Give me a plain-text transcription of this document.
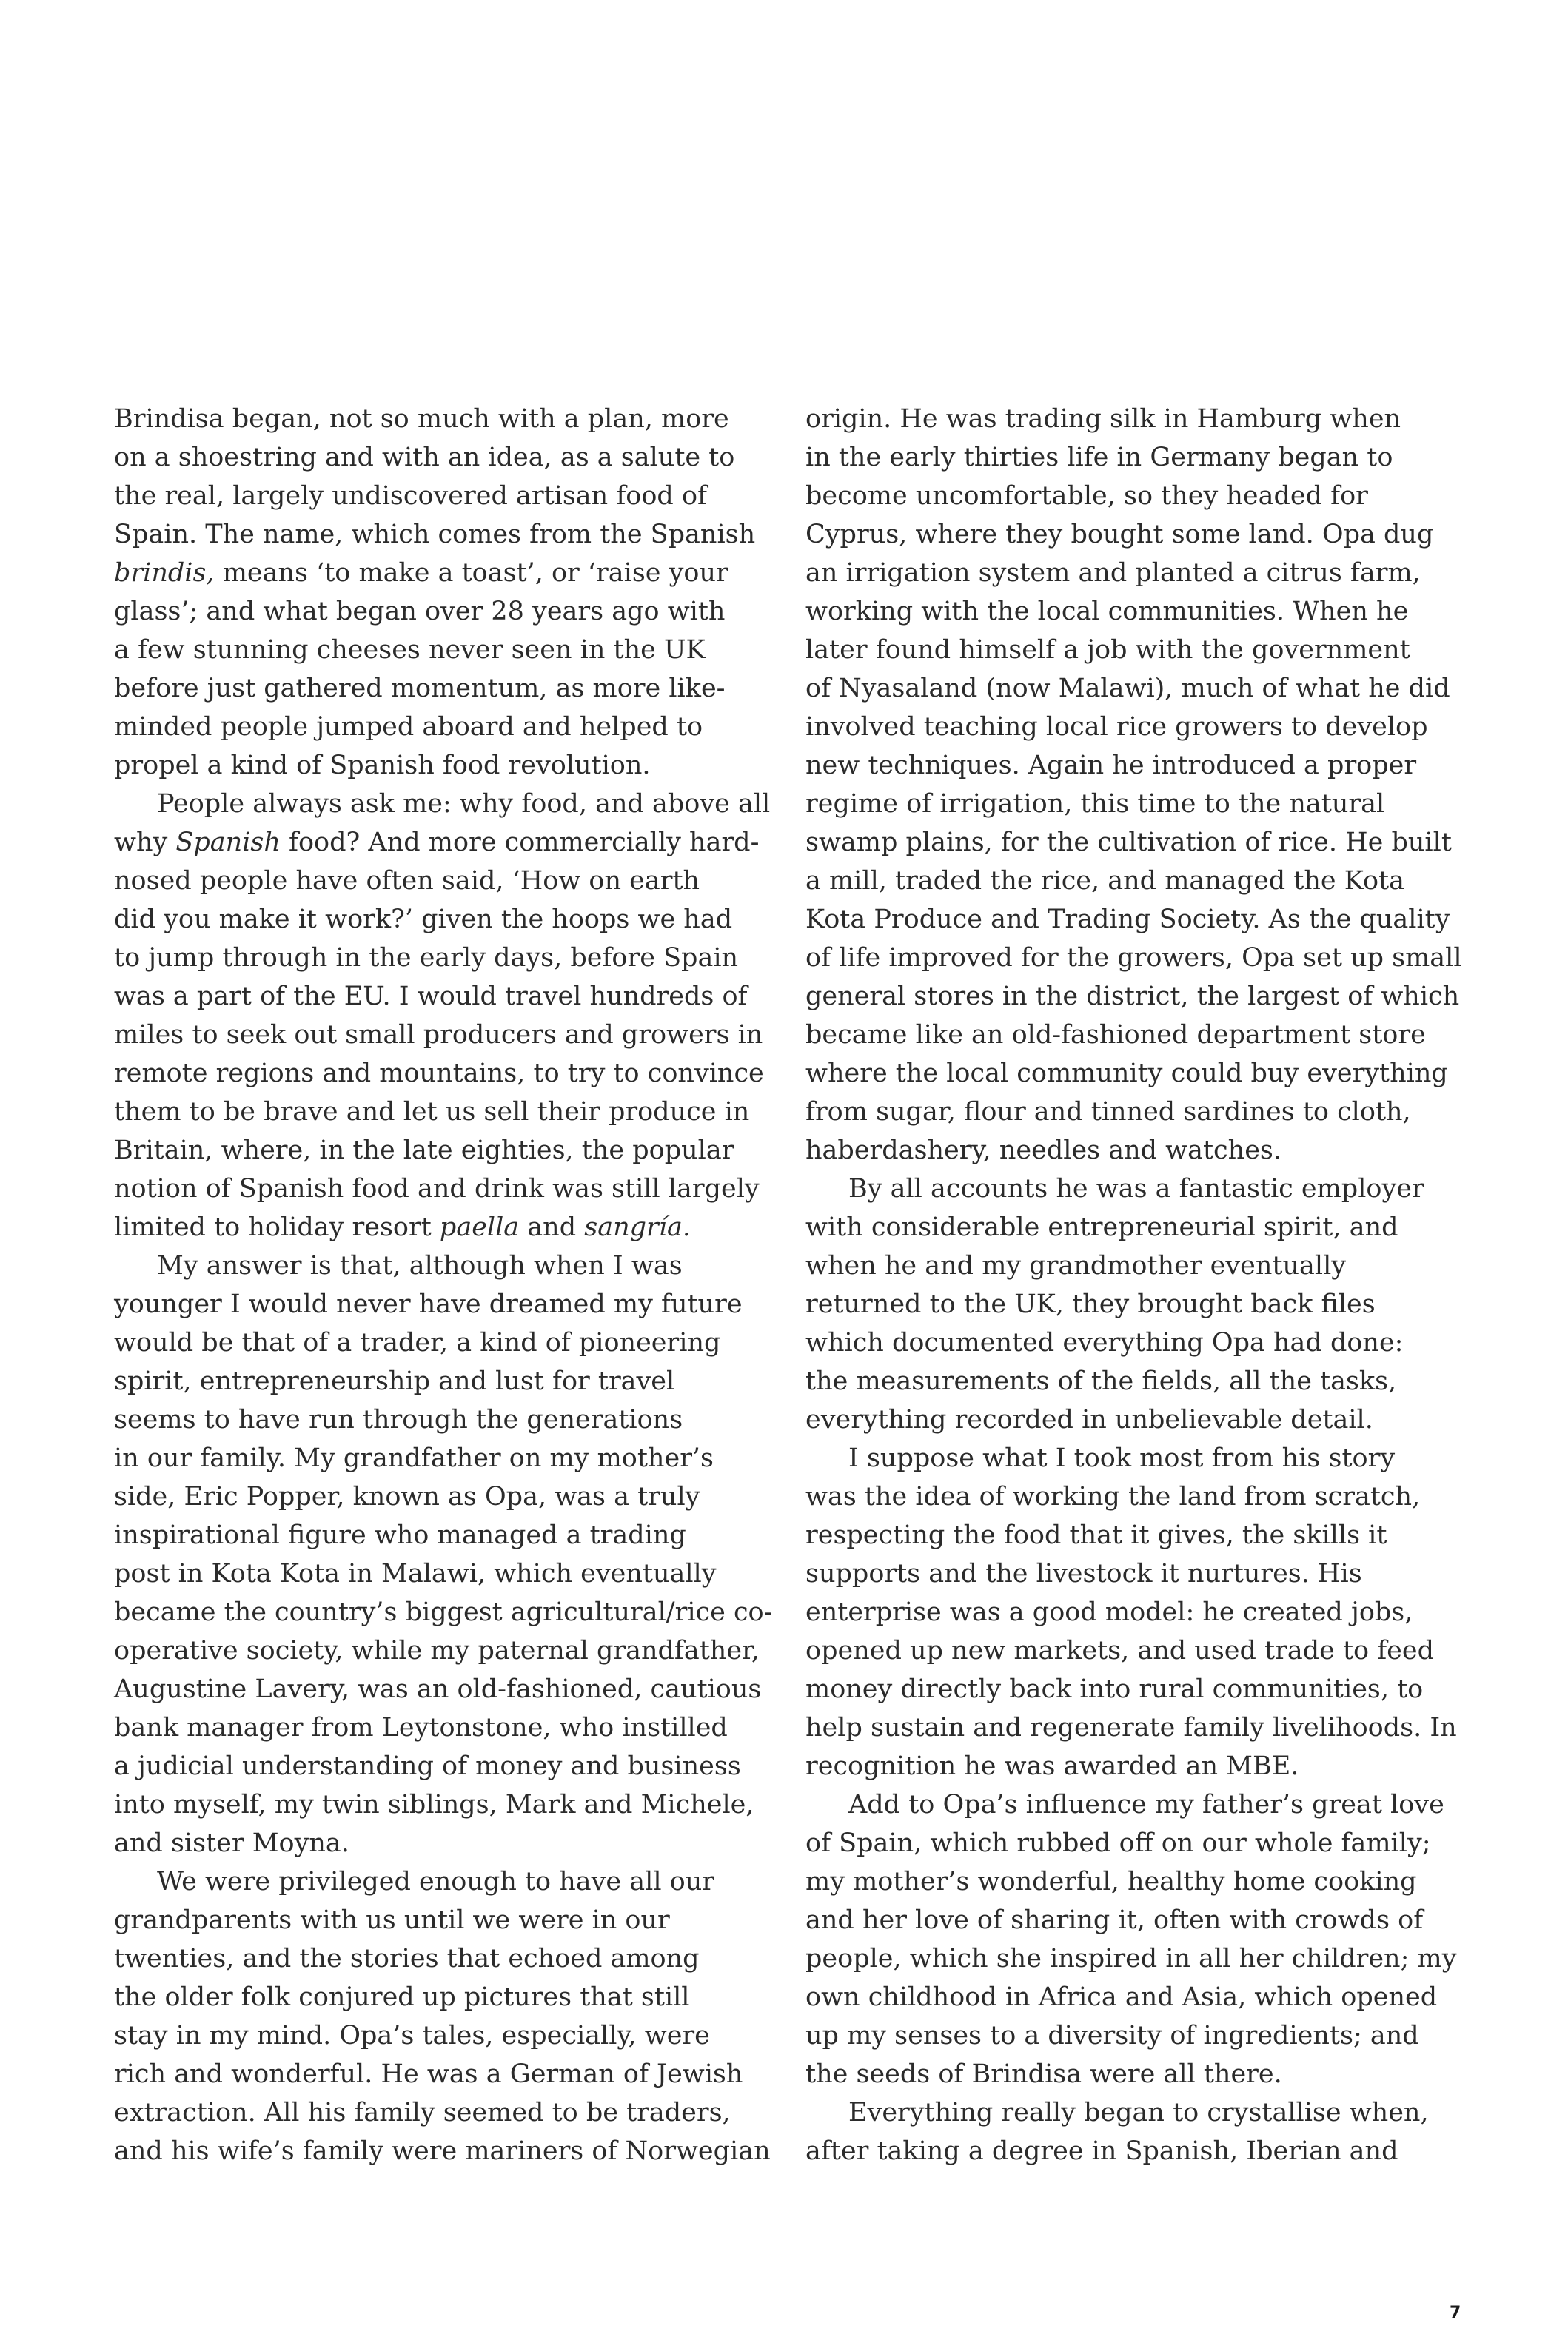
Brindisa began, not so much with a plan, more
on a shoestring and with an idea, as a salute to
the real, largely undiscovered artisan food of
Spain. The name, which comes from the Spanish
brindis, means ‘to make a toast’, or ‘raise your
glass’; and what began over 28 years ago with
a few stunning cheeses never seen in the UK
before just gathered momentum, as more like-
minded people jumped aboard and helped to
propel a kind of Spanish food revolution.
People always ask me: why food, and above all
why Spanish food? And more commercially hard-
nosed people have often said, ‘How on earth
did you make it work?’ given the hoops we had
to jump through in the early days, before Spain
was a part of the EU. I would travel hundreds of
miles to seek out small producers and growers in
remote regions and mountains, to try to convince
them to be brave and let us sell their produce in
Britain, where, in the late eighties, the popular
notion of Spanish food and drink was still largely
limited to holiday resort paella and sangría.
My answer is that, although when I was
younger I would never have dreamed my future
would be that of a trader, a kind of pioneering
spirit, entrepreneurship and lust for travel
seems to have run through the generations
in our family. My grandfather on my mother’s
side, Eric Popper, known as Opa, was a truly
inspirational figure who managed a trading
post in Kota Kota in Malawi, which eventually
became the country’s biggest agricultural/rice co-
operative society, while my paternal grandfather,
Augustine Lavery, was an old-fashioned, cautious
bank manager from Leytonstone, who instilled
a judicial understanding of money and business
into myself, my twin siblings, Mark and Michele,
and sister Moyna.
We were privileged enough to have all our
grandparents with us until we were in our
twenties, and the stories that echoed among
the older folk conjured up pictures that still
stay in my mind. Opa’s tales, especially, were
rich and wonderful. He was a German of Jewish
extraction. All his family seemed to be traders,
and his wife’s family were mariners of Norwegian
origin. He was trading silk in Hamburg when
in the early thirties life in Germany began to
become uncomfortable, so they headed for
Cyprus, where they bought some land. Opa dug
an irrigation system and planted a citrus farm,
working with the local communities. When he
later found himself a job with the government
of Nyasaland (now Malawi), much of what he did
involved teaching local rice growers to develop
new techniques. Again he introduced a proper
regime of irrigation, this time to the natural
swamp plains, for the cultivation of rice. He built
a mill, traded the rice, and managed the Kota
Kota Produce and Trading Society. As the quality
of life improved for the growers, Opa set up small
general stores in the district, the largest of which
became like an old-fashioned department store
where the local community could buy everything
from sugar, flour and tinned sardines to cloth,
haberdashery, needles and watches.
By all accounts he was a fantastic employer
with considerable entrepreneurial spirit, and
when he and my grandmother eventually
returned to the UK, they brought back files
which documented everything Opa had done:
the measurements of the fields, all the tasks,
everything recorded in unbelievable detail.
I suppose what I took most from his story
was the idea of working the land from scratch,
respecting the food that it gives, the skills it
supports and the livestock it nurtures. His
enterprise was a good model: he created jobs,
opened up new markets, and used trade to feed
money directly back into rural communities, to
help sustain and regenerate family livelihoods. In
recognition he was awarded an MBE.
Add to Opa’s influence my father’s great love
of Spain, which rubbed off on our whole family;
my mother’s wonderful, healthy home cooking
and her love of sharing it, often with crowds of
people, which she inspired in all her children; my
own childhood in Africa and Asia, which opened
up my senses to a diversity of ingredients; and
the seeds of Brindisa were all there.
Everything really began to crystallise when,
after taking a degree in Spanish, Iberian and
7
